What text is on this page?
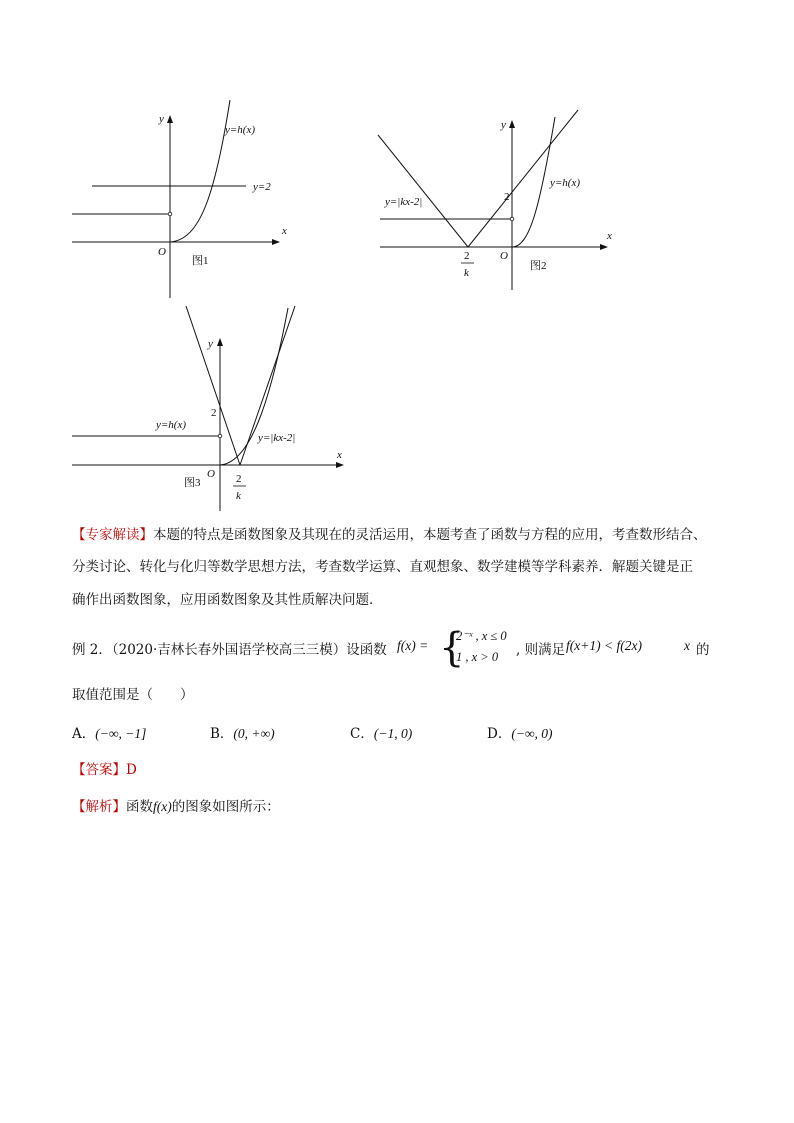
y
x
O
y=h(x)
y=2
图1
y
x
O
2
y=h(x)
y=|kx-2|
2
k
图2
y
x
O
2
y=h(x)
y=|kx-2|
2
k
图3
【专家解读】本题的特点是函数图象及其现在的灵活运用，本题考查了函数与方程的应用，考查数形结合、
分类讨论、转化与化归等数学思想方法，考查数学运算、直观想象、数学建模等学科素养．解题关键是正
确作出函数图象，应用函数图象及其性质解决问题．
例 2．（2020·吉林长春外国语学校高三三模）设函数 f(x) = {
2⁻ˣ , x ≤ 0
1 , x > 0 , 则满足 f(x+1) < f(2x)	x 的
取值范围是（　　）
A．(−∞, −1]	B．(0, +∞)	C．(−1, 0)	D．(−∞, 0)
【答案】D
【解析】函数f(x)的图象如图所示：
